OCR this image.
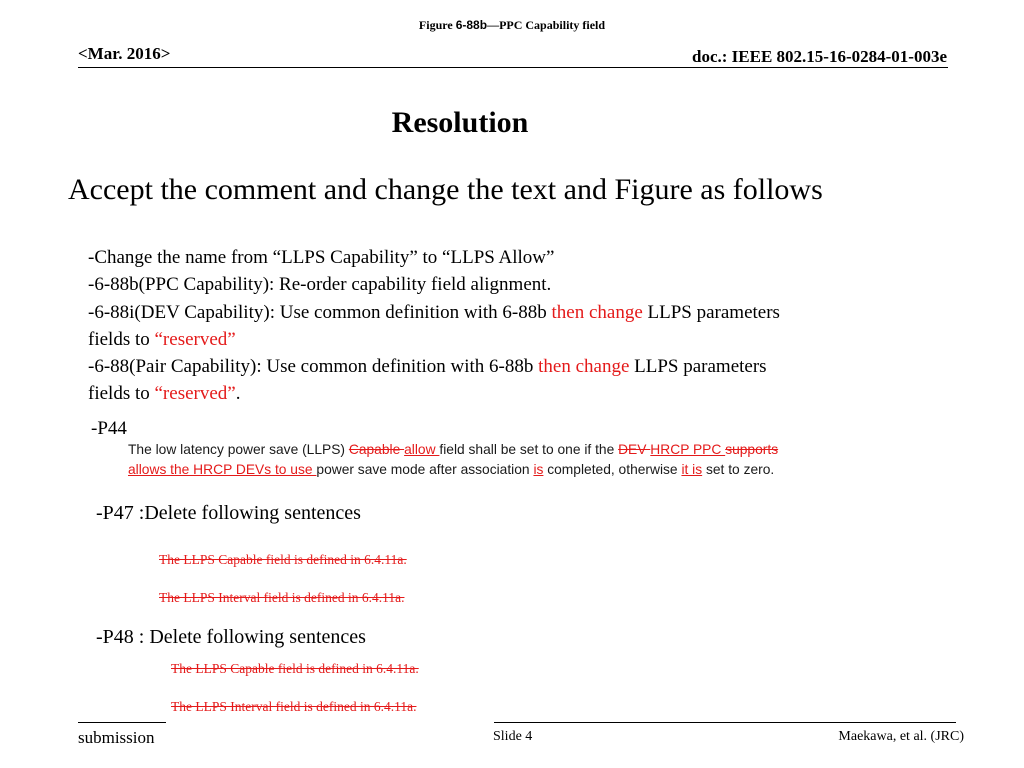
Figure 6-88b—PPC Capability field
<Mar. 2016>	doc.: IEEE 802.15-16-0284-01-003e
Resolution
Accept the comment and change the text and Figure as follows
-Change the name from “LLPS Capability” to “LLPS Allow”
-6-88b(PPC Capability): Re-order capability field alignment.
-6-88i(DEV Capability): Use common definition with 6-88b then change LLPS parameters
fields to “reserved”
-6-88(Pair Capability): Use common definition with 6-88b then change LLPS parameters
fields to “reserved”.
-P44
The low latency power save (LLPS) Capable allow field shall be set to one if the DEV HRCP PPC supports
allows the HRCP DEVs to use power save mode after association is completed, otherwise it is set to zero.
-P47 :Delete following sentences
The LLPS Capable field is defined in 6.4.11a.
The LLPS Interval field is defined in 6.4.11a.
-P48 : Delete following sentences
The LLPS Capable field is defined in 6.4.11a.
The LLPS Interval field is defined in 6.4.11a.
submission	Slide 4	Maekawa, et al. (JRC)
